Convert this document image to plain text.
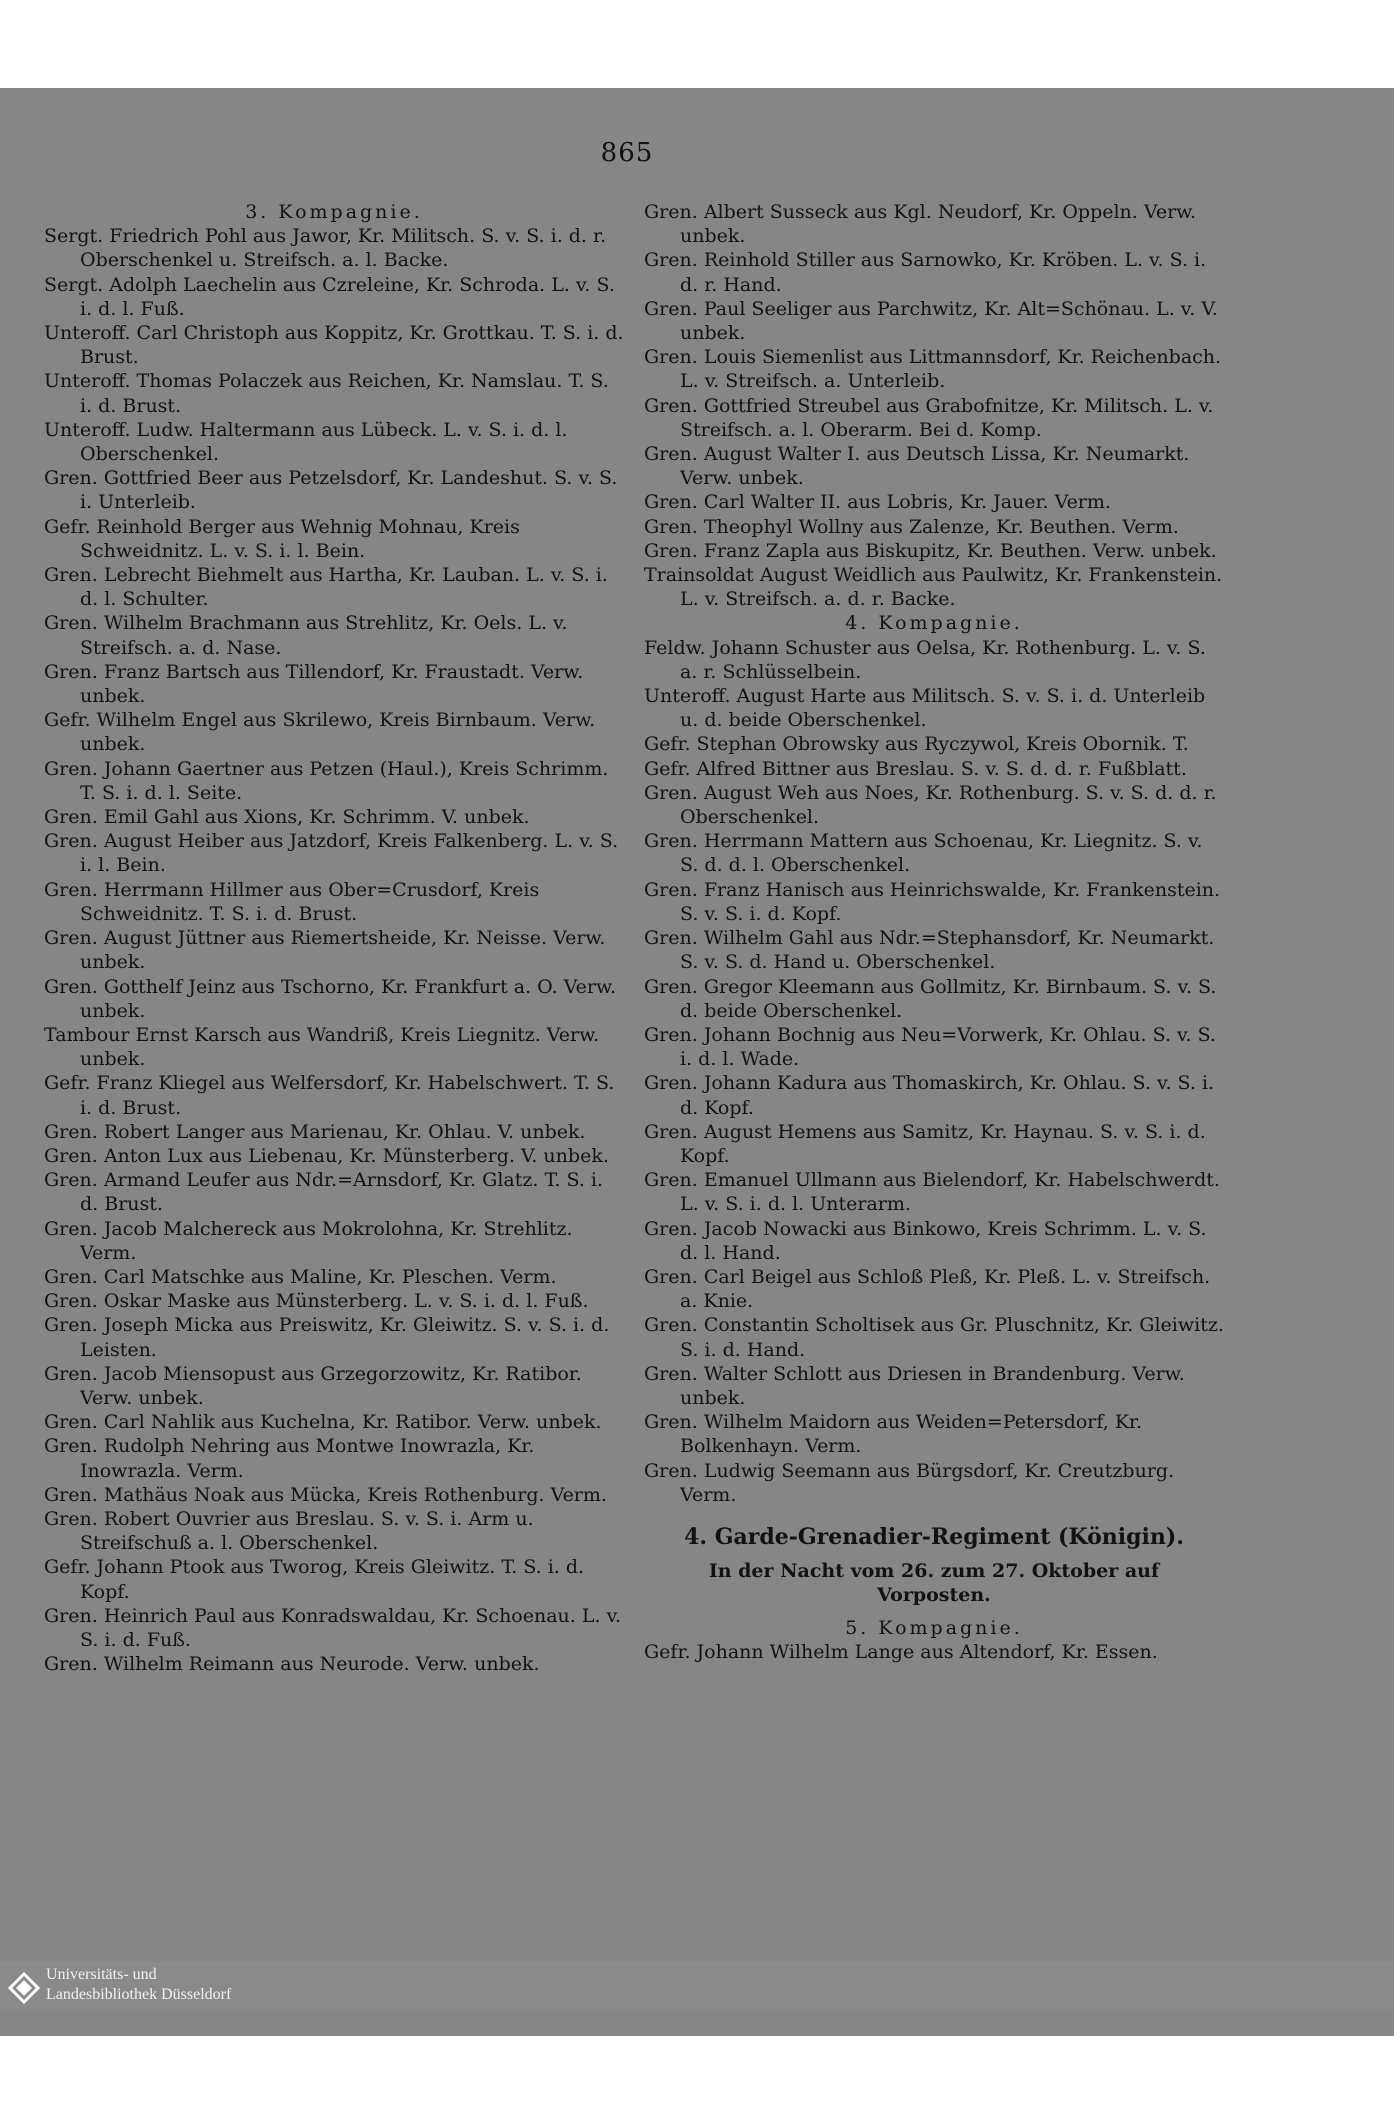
865

3. Kompagnie.

Sergt. Friedrich Pohl aus Jawor, Kr. Militsch. S. v. S. i. d. r. Oberschenkel u. Streifsch. a. l. Backe.

Sergt. Adolph Laechelin aus Czreleine, Kr. Schroda. L. v. S. i. d. l. Fuß.

Unteroff. Carl Christoph aus Koppitz, Kr. Grottkau. T. S. i. d. Brust.

Unteroff. Thomas Polaczek aus Reichen, Kr. Namslau. T. S. i. d. Brust.

Unteroff. Ludw. Haltermann aus Lübeck. L. v. S. i. d. l. Oberschenkel.

Gren. Gottfried Beer aus Petzelsdorf, Kr. Landeshut. S. v. S. i. Unterleib.

Gefr. Reinhold Berger aus Wehnig Mohnau, Kreis Schweidnitz. L. v. S. i. l. Bein.

Gren. Lebrecht Biehmelt aus Hartha, Kr. Lauban. L. v. S. i. d. l. Schulter.

Gren. Wilhelm Brachmann aus Strehlitz, Kr. Oels. L. v. Streifsch. a. d. Nase.

Gren. Franz Bartsch aus Tillendorf, Kr. Fraustadt. Verw. unbek.

Gefr. Wilhelm Engel aus Skrilewo, Kreis Birnbaum. Verw. unbek.

Gren. Johann Gaertner aus Petzen (Haul.), Kreis Schrimm. T. S. i. d. l. Seite.

Gren. Emil Gahl aus Xions, Kr. Schrimm. V. unbek.

Gren. August Heiber aus Jatzdorf, Kreis Falkenberg. L. v. S. i. l. Bein.

Gren. Herrmann Hillmer aus Ober=Crusdorf, Kreis Schweidnitz. T. S. i. d. Brust.

Gren. August Jüttner aus Riemertsheide, Kr. Neisse. Verw. unbek.

Gren. Gotthelf Jeinz aus Tschorno, Kr. Frankfurt a. O. Verw. unbek.

Tambour Ernst Karsch aus Wandriß, Kreis Liegnitz. Verw. unbek.

Gefr. Franz Kliegel aus Welfersdorf, Kr. Habelschwert. T. S. i. d. Brust.

Gren. Robert Langer aus Marienau, Kr. Ohlau. V. unbek.

Gren. Anton Lux aus Liebenau, Kr. Münsterberg. V. unbek.

Gren. Armand Leufer aus Ndr.=Arnsdorf, Kr. Glatz. T. S. i. d. Brust.

Gren. Jacob Malchereck aus Mokrolohna, Kr. Strehlitz. Verm.

Gren. Carl Matschke aus Maline, Kr. Pleschen. Verm.

Gren. Oskar Maske aus Münsterberg. L. v. S. i. d. l. Fuß.

Gren. Joseph Micka aus Preiswitz, Kr. Gleiwitz. S. v. S. i. d. Leisten.

Gren. Jacob Miensopust aus Grzegorzowitz, Kr. Ratibor. Verw. unbek.

Gren. Carl Nahlik aus Kuchelna, Kr. Ratibor. Verw. unbek.

Gren. Rudolph Nehring aus Montwe Inowrazla, Kr. Inowrazla. Verm.

Gren. Mathäus Noak aus Mücka, Kreis Rothenburg. Verm.

Gren. Robert Ouvrier aus Breslau. S. v. S. i. Arm u. Streifschuß a. l. Oberschenkel.

Gefr. Johann Ptook aus Tworog, Kreis Gleiwitz. T. S. i. d. Kopf.

Gren. Heinrich Paul aus Konradswaldau, Kr. Schoenau. L. v. S. i. d. Fuß.

Gren. Wilhelm Reimann aus Neurode. Verw. unbek.

Gren. Albert Susseck aus Kgl. Neudorf, Kr. Oppeln. Verw. unbek.

Gren. Reinhold Stiller aus Sarnowko, Kr. Kröben. L. v. S. i. d. r. Hand.

Gren. Paul Seeliger aus Parchwitz, Kr. Alt=Schönau. L. v. V. unbek.

Gren. Louis Siemenlist aus Littmannsdorf, Kr. Reichenbach. L. v. Streifsch. a. Unterleib.

Gren. Gottfried Streubel aus Grabofnitze, Kr. Militsch. L. v. Streifsch. a. l. Oberarm. Bei d. Komp.

Gren. August Walter I. aus Deutsch Lissa, Kr. Neumarkt. Verw. unbek.

Gren. Carl Walter II. aus Lobris, Kr. Jauer. Verm.

Gren. Theophyl Wollny aus Zalenze, Kr. Beuthen. Verm.

Gren. Franz Zapla aus Biskupitz, Kr. Beuthen. Verw. unbek.

Trainsoldat August Weidlich aus Paulwitz, Kr. Frankenstein. L. v. Streifsch. a. d. r. Backe.

4. Kompagnie.

Feldw. Johann Schuster aus Oelsa, Kr. Rothenburg. L. v. S. a. r. Schlüsselbein.

Unteroff. August Harte aus Militsch. S. v. S. i. d. Unterleib u. d. beide Oberschenkel.

Gefr. Stephan Obrowsky aus Ryczywol, Kreis Obornik. T.

Gefr. Alfred Bittner aus Breslau. S. v. S. d. d. r. Fußblatt.

Gren. August Weh aus Noes, Kr. Rothenburg. S. v. S. d. d. r. Oberschenkel.

Gren. Herrmann Mattern aus Schoenau, Kr. Liegnitz. S. v. S. d. d. l. Oberschenkel.

Gren. Franz Hanisch aus Heinrichswalde, Kr. Frankenstein. S. v. S. i. d. Kopf.

Gren. Wilhelm Gahl aus Ndr.=Stephansdorf, Kr. Neumarkt. S. v. S. d. Hand u. Oberschenkel.

Gren. Gregor Kleemann aus Gollmitz, Kr. Birnbaum. S. v. S. d. beide Oberschenkel.

Gren. Johann Bochnig aus Neu=Vorwerk, Kr. Ohlau. S. v. S. i. d. l. Wade.

Gren. Johann Kadura aus Thomaskirch, Kr. Ohlau. S. v. S. i. d. Kopf.

Gren. August Hemens aus Samitz, Kr. Haynau. S. v. S. i. d. Kopf.

Gren. Emanuel Ullmann aus Bielendorf, Kr. Habelschwerdt. L. v. S. i. d. l. Unterarm.

Gren. Jacob Nowacki aus Binkowo, Kreis Schrimm. L. v. S. d. l. Hand.

Gren. Carl Beigel aus Schloß Pleß, Kr. Pleß. L. v. Streifsch. a. Knie.

Gren. Constantin Scholtisek aus Gr. Pluschnitz, Kr. Gleiwitz. S. i. d. Hand.

Gren. Walter Schlott aus Driesen in Brandenburg. Verw. unbek.

Gren. Wilhelm Maidorn aus Weiden=Petersdorf, Kr. Bolkenhayn. Verm.

Gren. Ludwig Seemann aus Bürgsdorf, Kr. Creutzburg. Verm.

4. Garde-Grenadier-Regiment (Königin).

In der Nacht vom 26. zum 27. Oktober auf Vorposten.

5. Kompagnie.

Gefr. Johann Wilhelm Lange aus Altendorf, Kr. Essen.

Universitäts- und
Landesbibliothek Düsseldorf
